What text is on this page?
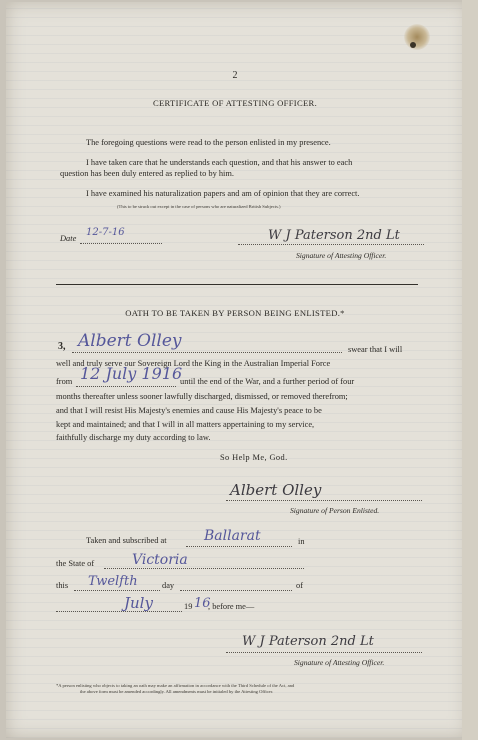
2
CERTIFICATE OF ATTESTING OFFICER.
The foregoing questions were read to the person enlisted in my presence.
I have taken care that he understands each question, and that his answer to each
question has been duly entered as replied to by him.
I have examined his naturalization papers and am of opinion that they are correct.
(This to be struck out except in the case of persons who are naturalized British Subjects.)
Date
12-7-16	W J Paterson 2nd Lt
Signature of Attesting Officer.
OATH TO BE TAKEN BY PERSON BEING ENLISTED.*
3, Albert Olley	swear that I will
well and truly serve our Sovereign Lord the King in the Australian Imperial Force
from 12 July 1916
until the end of the War, and a further period of four
months thereafter unless sooner lawfully discharged, dismissed, or removed therefrom;
and that I will resist His Majesty's enemies and cause His Majesty's peace to be
kept and maintained; and that I will in all matters appertaining to my service,
faithfully discharge my duty according to law.
So Help Me, God.
Albert Olley
Signature of Person Enlisted.
Taken and subscribed at	Ballarat	in
the State of	Victoria
this Twelfth	day	of
July	19 16
, before me—
W J Paterson 2nd Lt
Signature of Attesting Officer.
*A person enlisting who objects to taking an oath may make an affirmation in accordance with the Third Schedule of the Act, and
the above form must be amended accordingly. All amendments must be initialed by the Attesting Officer.
